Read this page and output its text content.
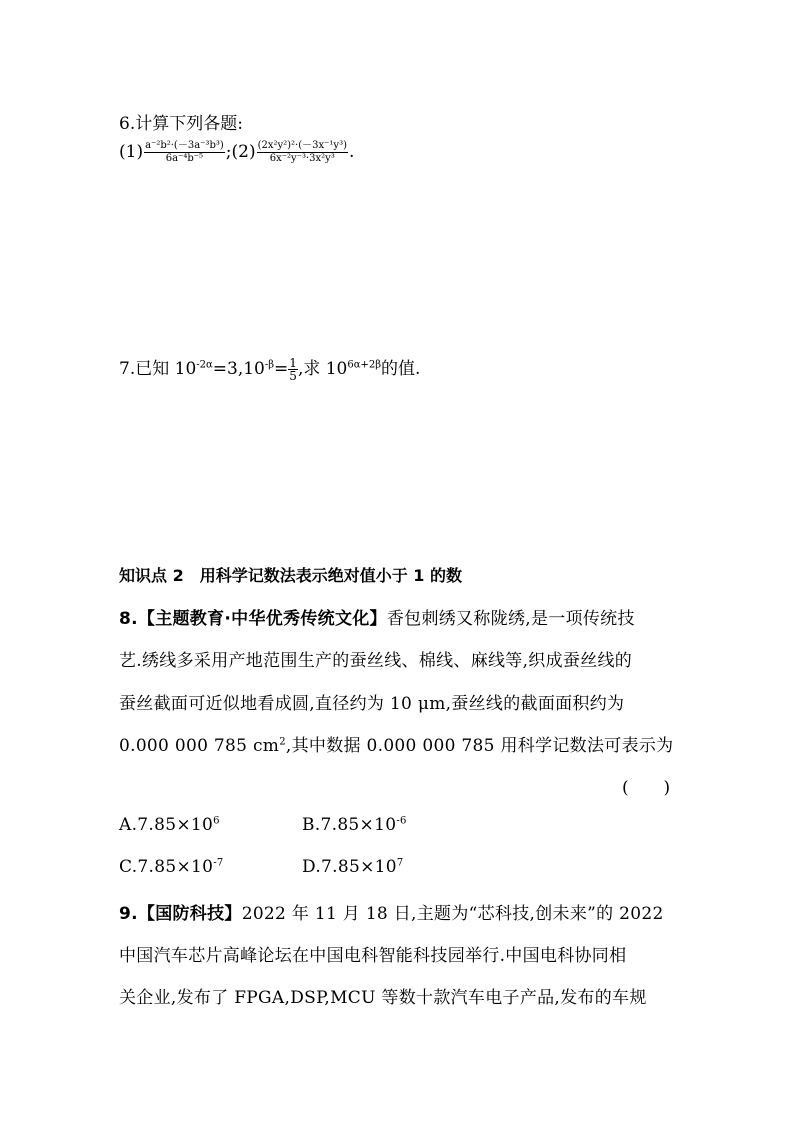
6.计算下列各题:
$(1) \frac{\text{a⁻²b²·(－3a⁻³b³)}}{\text{6a⁻⁴b⁻⁵}}$ ;(2) $\frac{\text{(2x²y²)²·(－3x⁻¹y³)}}{\text{6x⁻²y⁻³·3x²y³}}$ .
7.已知 $10^{-2\alpha}=3,10^{-\beta}= \frac{1}{5}$ ,求 $10^{6\alpha+2\beta}$的值.
知识点 2　用科学记数法表示绝对值小于 1 的数
8.【主题教育·中华优秀传统文化】香包刺绣又称陇绣,是一项传统技
艺.绣线多采用产地范围生产的蚕丝线、棉线、麻线等,织成蚕丝线的
蚕丝截面可近似地看成圆,直径约为 10 μm,蚕丝线的截面面积约为
0.000 000 785 $cm^2$,其中数据 0.000 000 785 用科学记数法可表示为
(　　)
$A.7.85\times 10^6$	$B.7.85\times 10^{-6}$
$C.7.85\times 10^{-7}$	$D.7.85\times 10^7$
9.【国防科技】2022 年 11 月 18 日,主题为“芯科技,创未来”的 2022
中国汽车芯片高峰论坛在中国电科智能科技园举行.中国电科协同相
关企业,发布了 FPGA,DSP,MCU 等数十款汽车电子产品,发布的车规
